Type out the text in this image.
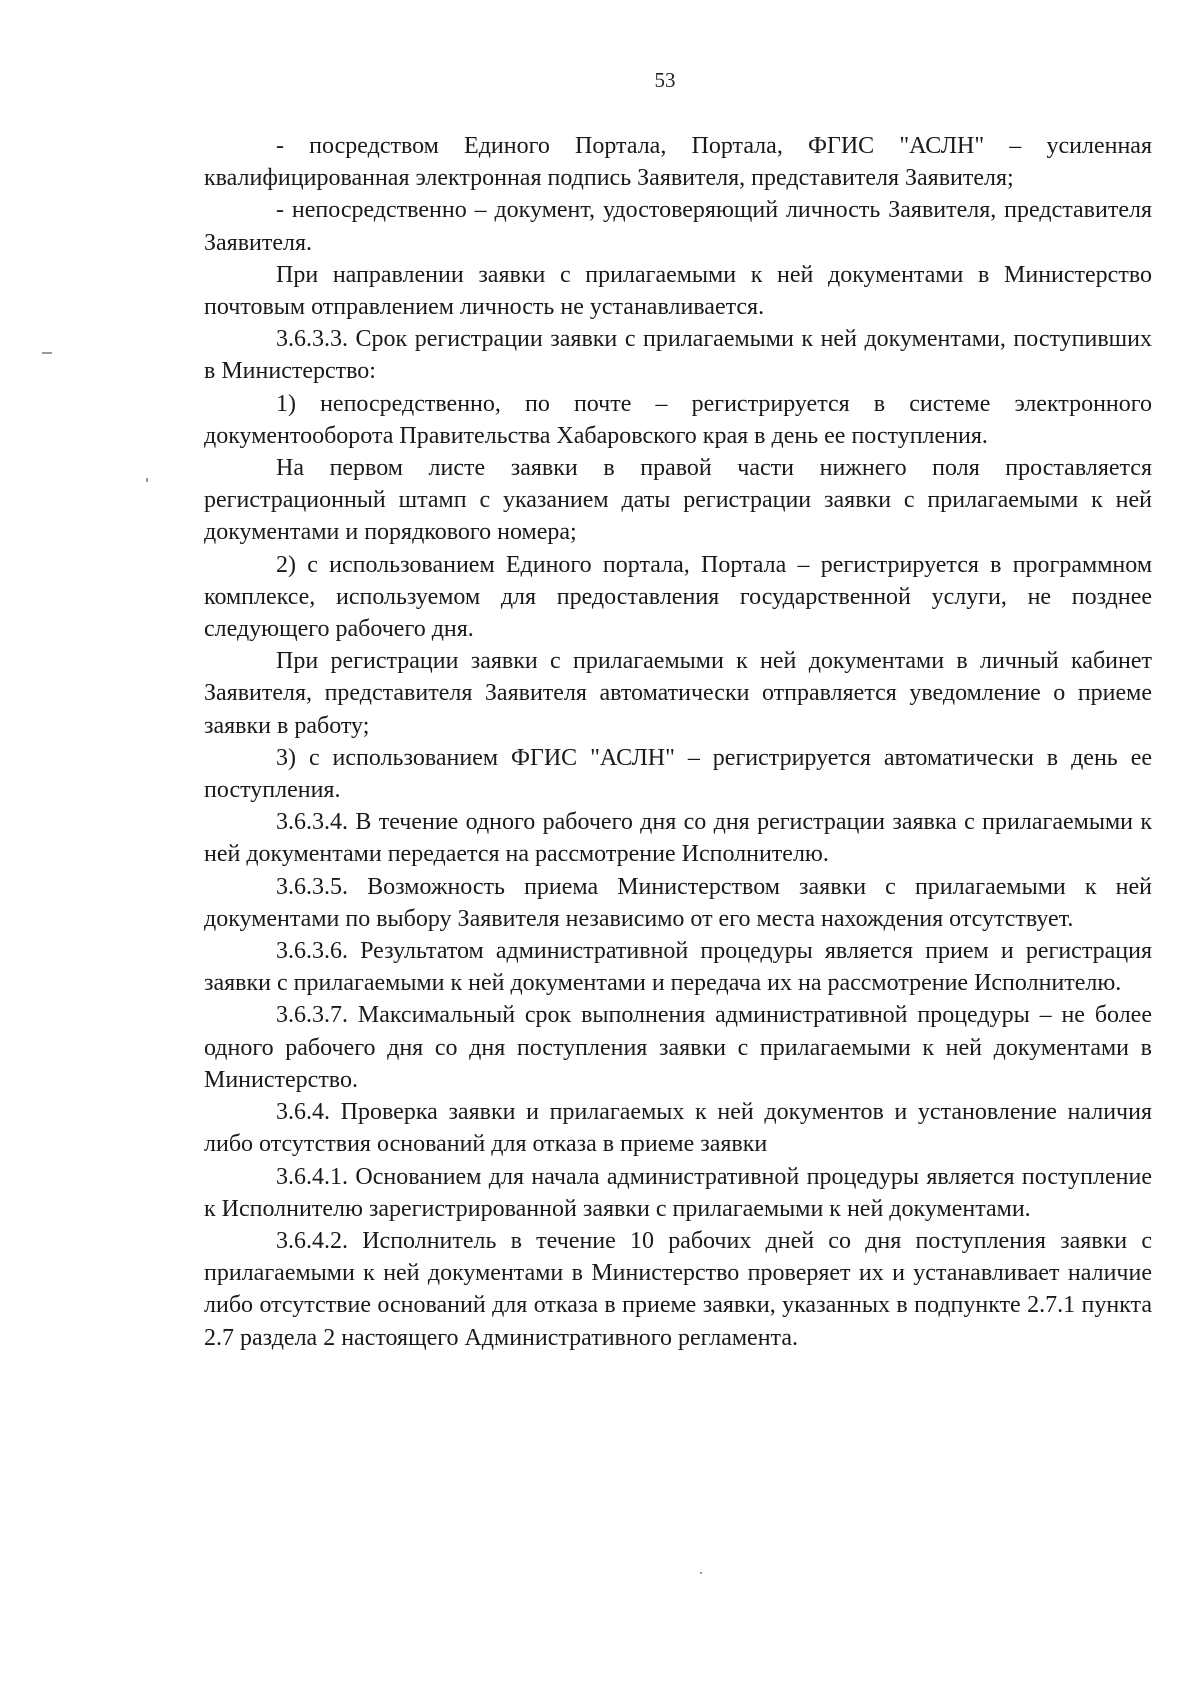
53

- посредством Единого Портала, Портала, ФГИС "АСЛН" – усиленная квалифицированная электронная подпись Заявителя, представителя Заявителя;

- непосредственно – документ, удостоверяющий личность Заявителя, представителя Заявителя.

При направлении заявки с прилагаемыми к ней документами в Министерство почтовым отправлением личность не устанавливается.

3.6.3.3. Срок регистрации заявки с прилагаемыми к ней документами, поступивших в Министерство:

1) непосредственно, по почте – регистрируется в системе электронного документооборота Правительства Хабаровского края в день ее поступления.

На первом листе заявки в правой части нижнего поля проставляется регистрационный штамп с указанием даты регистрации заявки с прилагаемыми к ней документами и порядкового номера;

2) с использованием Единого портала, Портала – регистрируется в программном комплексе, используемом для предоставления государственной услуги, не позднее следующего рабочего дня.

При регистрации заявки с прилагаемыми к ней документами в личный кабинет Заявителя, представителя Заявителя автоматически отправляется уведомление о приеме заявки в работу;

3) с использованием ФГИС "АСЛН" – регистрируется автоматически в день ее поступления.

3.6.3.4. В течение одного рабочего дня со дня регистрации заявка с прилагаемыми к ней документами передается на рассмотрение Исполнителю.

3.6.3.5. Возможность приема Министерством заявки с прилагаемыми к ней документами по выбору Заявителя независимо от его места нахождения отсутствует.

3.6.3.6. Результатом административной процедуры является прием и регистрация заявки с прилагаемыми к ней документами и передача их на рассмотрение Исполнителю.

3.6.3.7. Максимальный срок выполнения административной процедуры – не более одного рабочего дня со дня поступления заявки с прилагаемыми к ней документами в Министерство.

3.6.4. Проверка заявки и прилагаемых к ней документов и установление наличия либо отсутствия оснований для отказа в приеме заявки

3.6.4.1. Основанием для начала административной процедуры является поступление к Исполнителю зарегистрированной заявки с прилагаемыми к ней документами.

3.6.4.2. Исполнитель в течение 10 рабочих дней со дня поступления заявки с прилагаемыми к ней документами в Министерство проверяет их и устанавливает наличие либо отсутствие оснований для отказа в приеме заявки, указанных в подпункте 2.7.1 пункта 2.7 раздела 2 настоящего Административного регламента.
